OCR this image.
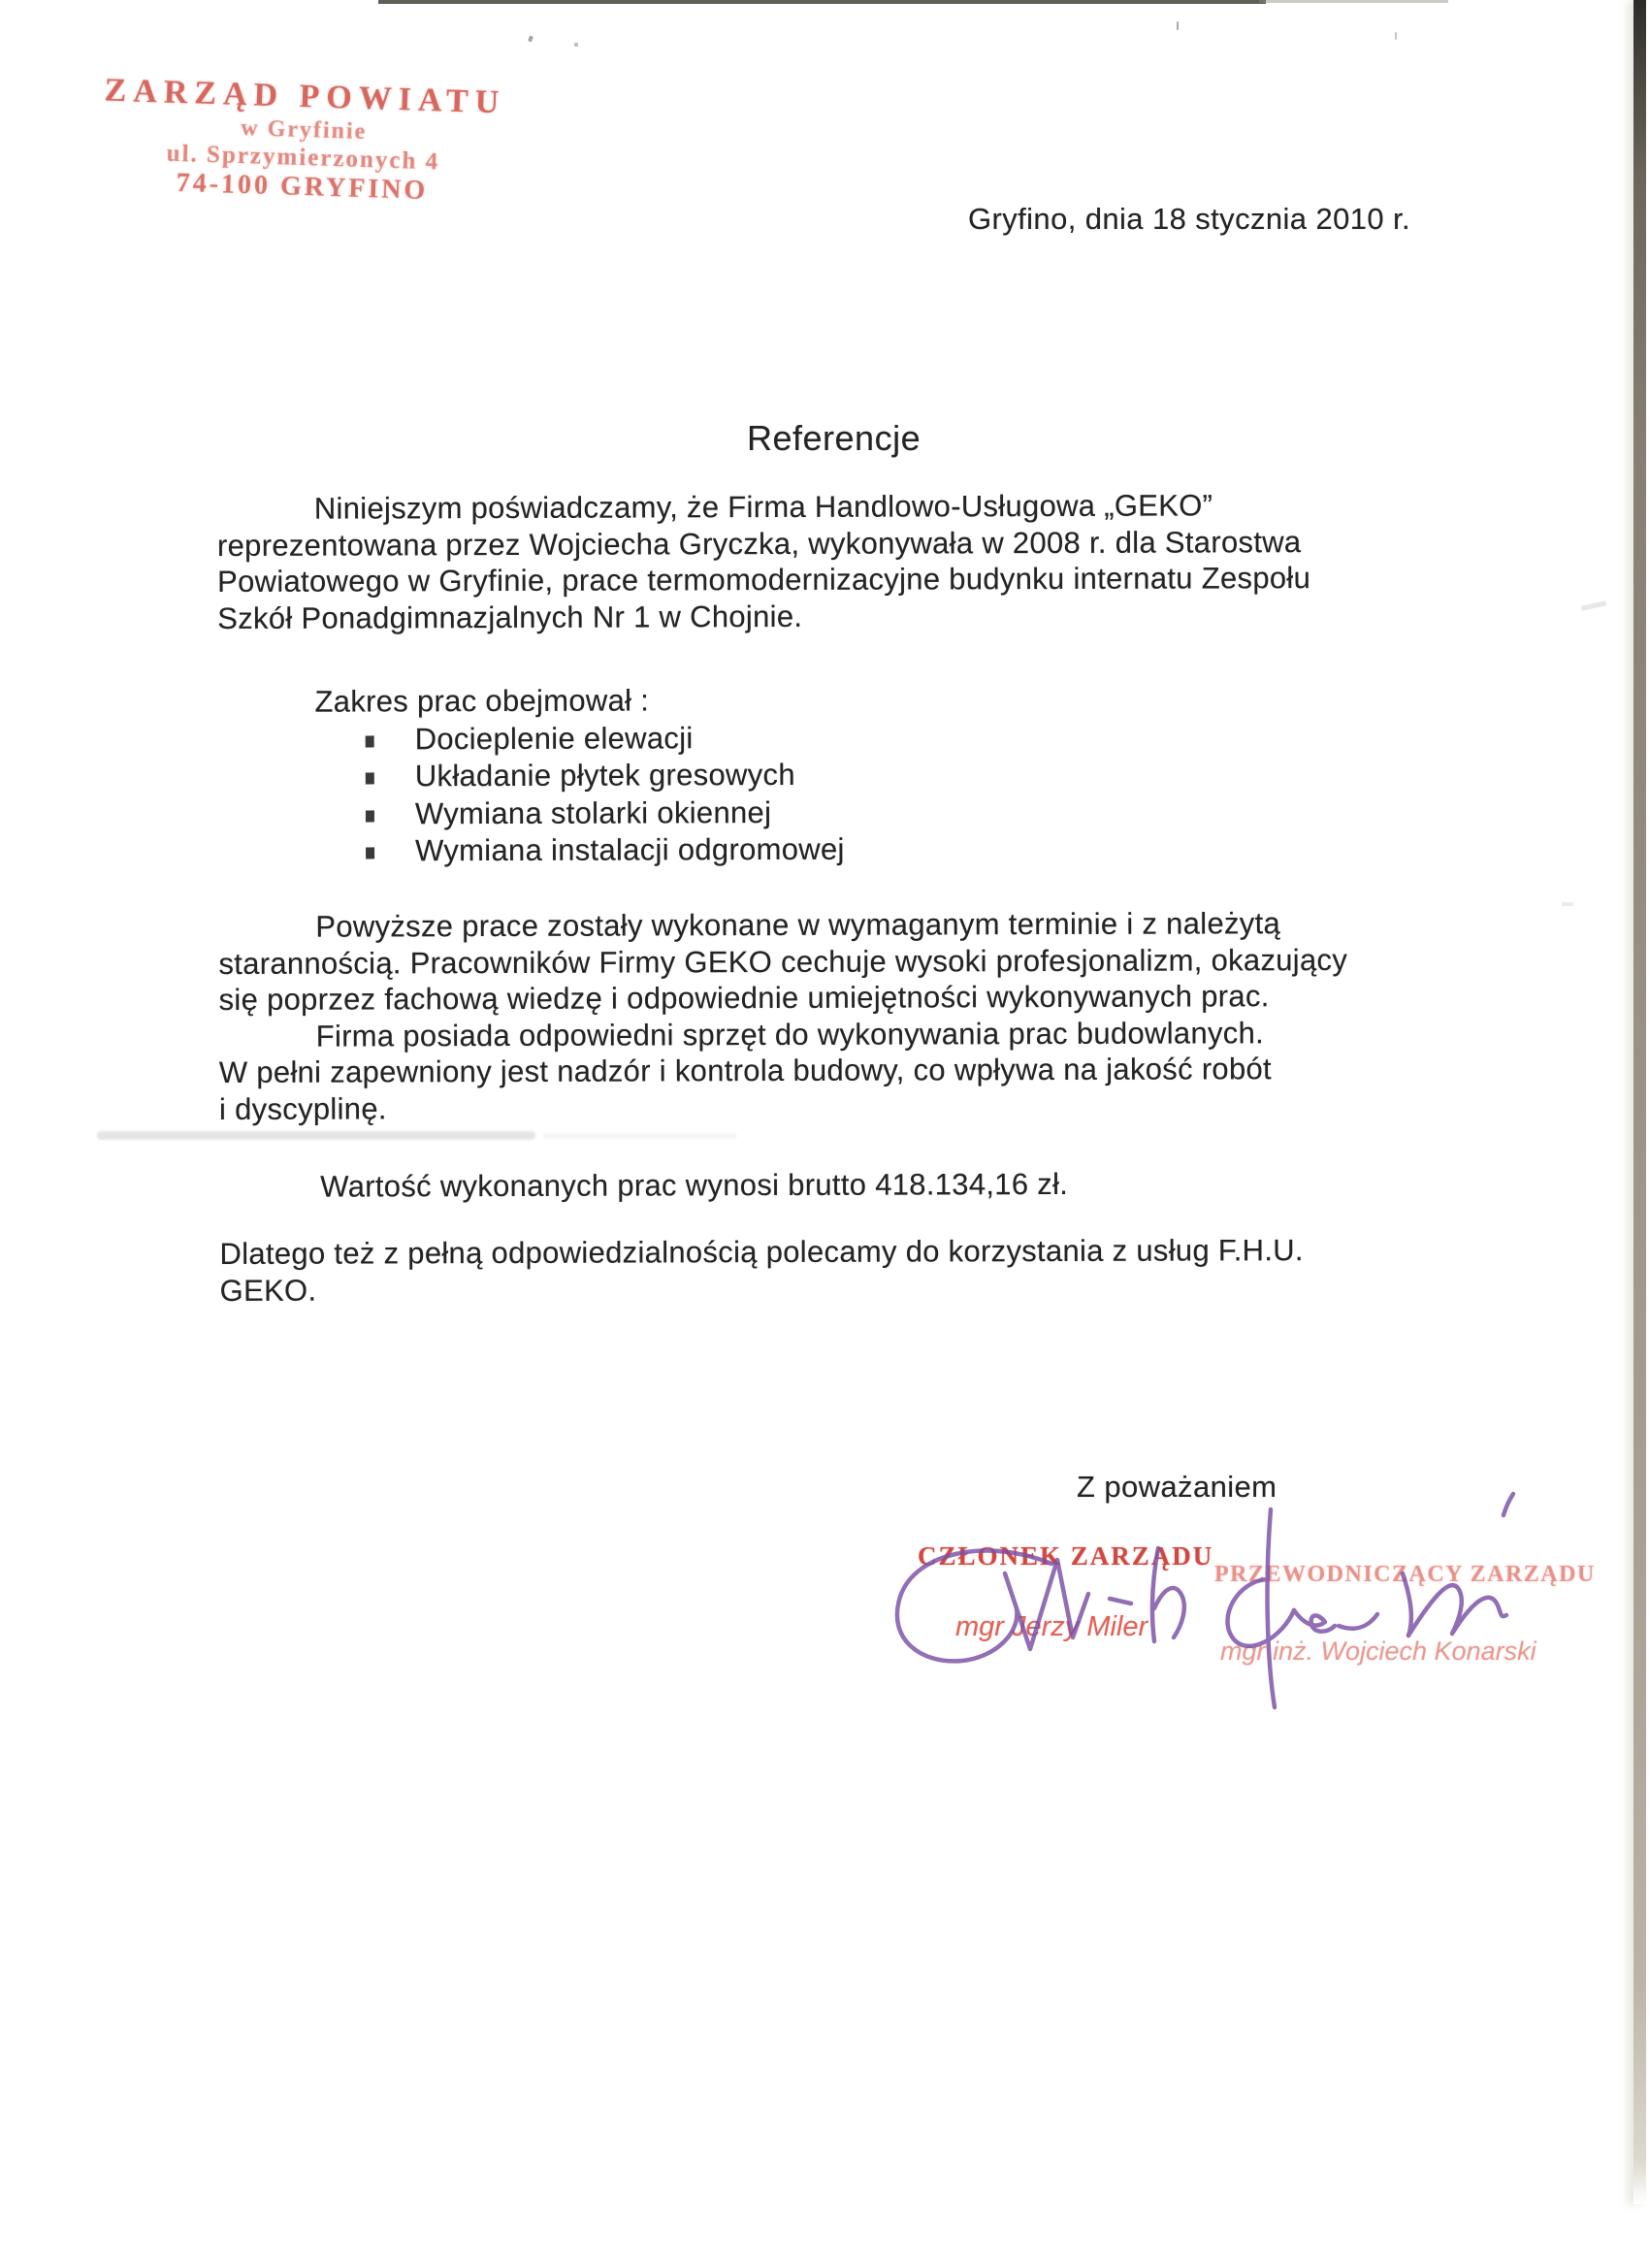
ZARZĄD POWIATU
w Gryfinie
ul. Sprzymierzonych 4
74-100 GRYFINO
Gryfino, dnia 18 stycznia 2010 r.
Referencje
Niniejszym poświadczamy, że Firma Handlowo-Usługowa „GEKO”
reprezentowana przez Wojciecha Gryczka, wykonywała w 2008 r. dla Starostwa
Powiatowego w Gryfinie, prace termomodernizacyjne budynku internatu Zespołu
Szkół Ponadgimnazjalnych Nr 1 w Chojnie.
Zakres prac obejmował :
Docieplenie elewacji
Układanie płytek gresowych
Wymiana stolarki okiennej
Wymiana instalacji odgromowej
Powyższe prace zostały wykonane w wymaganym terminie i z należytą
starannością. Pracowników Firmy GEKO cechuje wysoki profesjonalizm, okazujący
się poprzez fachową wiedzę i odpowiednie umiejętności wykonywanych prac.
Firma posiada odpowiedni sprzęt do wykonywania prac budowlanych.
W pełni zapewniony jest nadzór i kontrola budowy, co wpływa na jakość robót
i dyscyplinę.
Wartość wykonanych prac wynosi brutto 418.134,16 zł.
Dlatego też z pełną odpowiedzialnością polecamy do korzystania z usług F.H.U.
GEKO.
Z poważaniem
CZŁONEK ZARZĄDU
mgr Jerzy Miler
PRZEWODNICZĄCY ZARZĄDU
mgr inż. Wojciech Konarski
